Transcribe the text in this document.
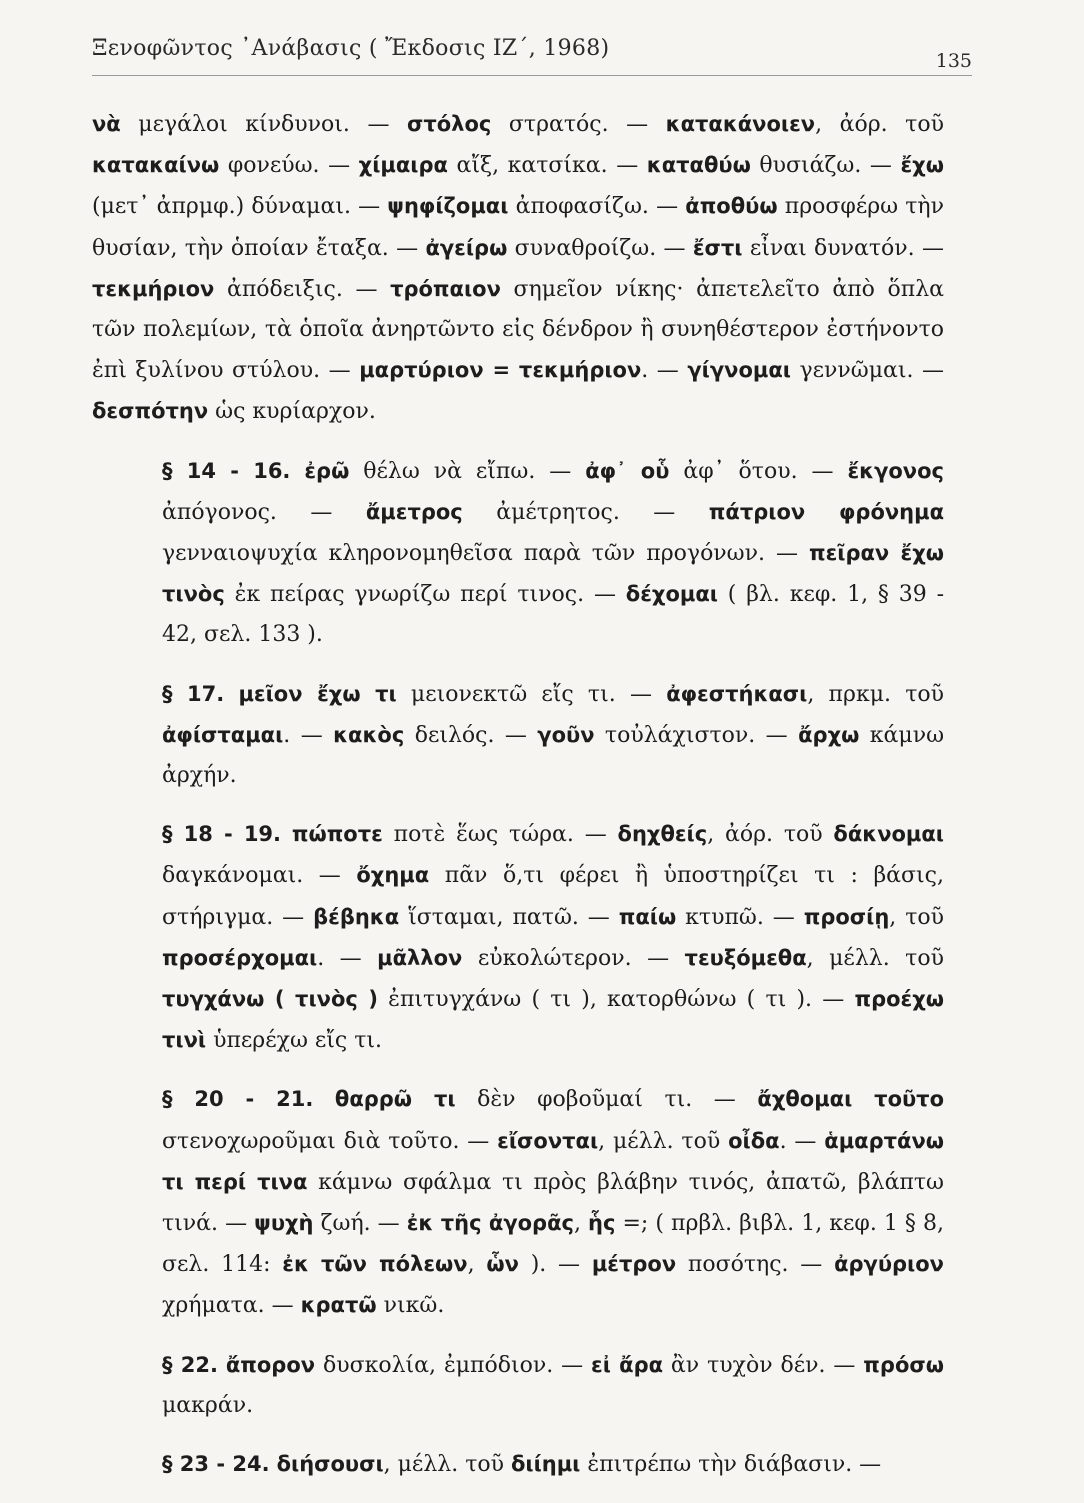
Ξενοφῶντος ᾿Ανάβασις ( Ἔκδοσις ΙΖ΄, 1968)	135

νὰ μεγάλοι κίνδυνοι. — στόλος στρατός. — κατακάνοιεν, ἀόρ. τοῦ κατακαίνω φονεύω. — χίμαιρα αἴξ, κατσίκα. — καταθύω θυσιάζω. — ἔχω (μετ᾿ ἀπρμφ.) δύναμαι. — ψηφίζομαι ἀποφασίζω. — ἀποθύω προσφέρω τὴν θυσίαν, τὴν ὁποίαν ἔταξα. — ἀγείρω συναθροίζω. — ἔστι εἶναι δυνατόν. — τεκμήριον ἀπόδειξις. — τρόπαιον σημεῖον νίκης· ἀπετελεῖτο ἀπὸ ὅπλα τῶν πολεμίων, τὰ ὁποῖα ἀνηρτῶντο εἰς δένδρον ἢ συνηθέστερον ἐστήνοντο ἐπὶ ξυλίνου στύλου. — μαρτύριον = τεκμήριον. — γίγνομαι γεννῶμαι. — δεσπότην ὡς κυρίαρχον.

§ 14 - 16. ἐρῶ θέλω νὰ εἴπω. — ἀφ᾿ οὗ ἀφ᾿ ὅτου. — ἔκγονος ἀπόγονος. — ἄμετρος ἀμέτρητος. — πάτριον φρόνημα γενναιοψυχία κληρονομηθεῖσα παρὰ τῶν προγόνων. — πεῖραν ἔχω τινὸς ἐκ πείρας γνωρίζω περί τινος. — δέχομαι ( βλ. κεφ. 1, § 39 - 42, σελ. 133 ).

§ 17. μεῖον ἔχω τι μειονεκτῶ εἴς τι. — ἀφεστήκασι, πρκμ. τοῦ ἀφίσταμαι. — κακὸς δειλός. — γοῦν τοὐλάχιστον. — ἄρχω κάμνω ἀρχήν.

§ 18 - 19. πώποτε ποτὲ ἕως τώρα. — δηχθείς, ἀόρ. τοῦ δάκνομαι δαγκάνομαι. — ὄχημα πᾶν ὅ,τι φέρει ἢ ὑποστηρίζει τι : βάσις, στήριγμα. — βέβηκα ἵσταμαι, πατῶ. — παίω κτυπῶ. — προσίῃ, τοῦ προσέρχομαι. — μᾶλλον εὐκολώτερον. — τευξόμεθα, μέλλ. τοῦ τυγχάνω ( τινὸς ) ἐπιτυγχάνω ( τι ), κατορθώνω ( τι ). — προέχω τινὶ ὑπερέχω εἴς τι.

§ 20 - 21. θαρρῶ τι δὲν φοβοῦμαί τι. — ἄχθομαι τοῦτο στενοχωροῦμαι διὰ τοῦτο. — εἴσονται, μέλλ. τοῦ οἶδα. — ἁμαρτάνω τι περί τινα κάμνω σφάλμα τι πρὸς βλάβην τινός, ἀπατῶ, βλάπτω τινά. — ψυχὴ ζωή. — ἐκ τῆς ἀγορᾶς, ἧς =; ( πρβλ. βιβλ. 1, κεφ. 1 § 8, σελ. 114: ἐκ τῶν πόλεων, ὧν ). — μέτρον ποσότης. — ἀργύριον χρήματα. — κρατῶ νικῶ.

§ 22. ἄπορον δυσκολία, ἐμπόδιον. — εἰ ἄρα ἂν τυχὸν δέν. — πρόσω μακράν.

§ 23 - 24. διήσουσι, μέλλ. τοῦ διίημι ἐπιτρέπω τὴν διάβασιν. —
